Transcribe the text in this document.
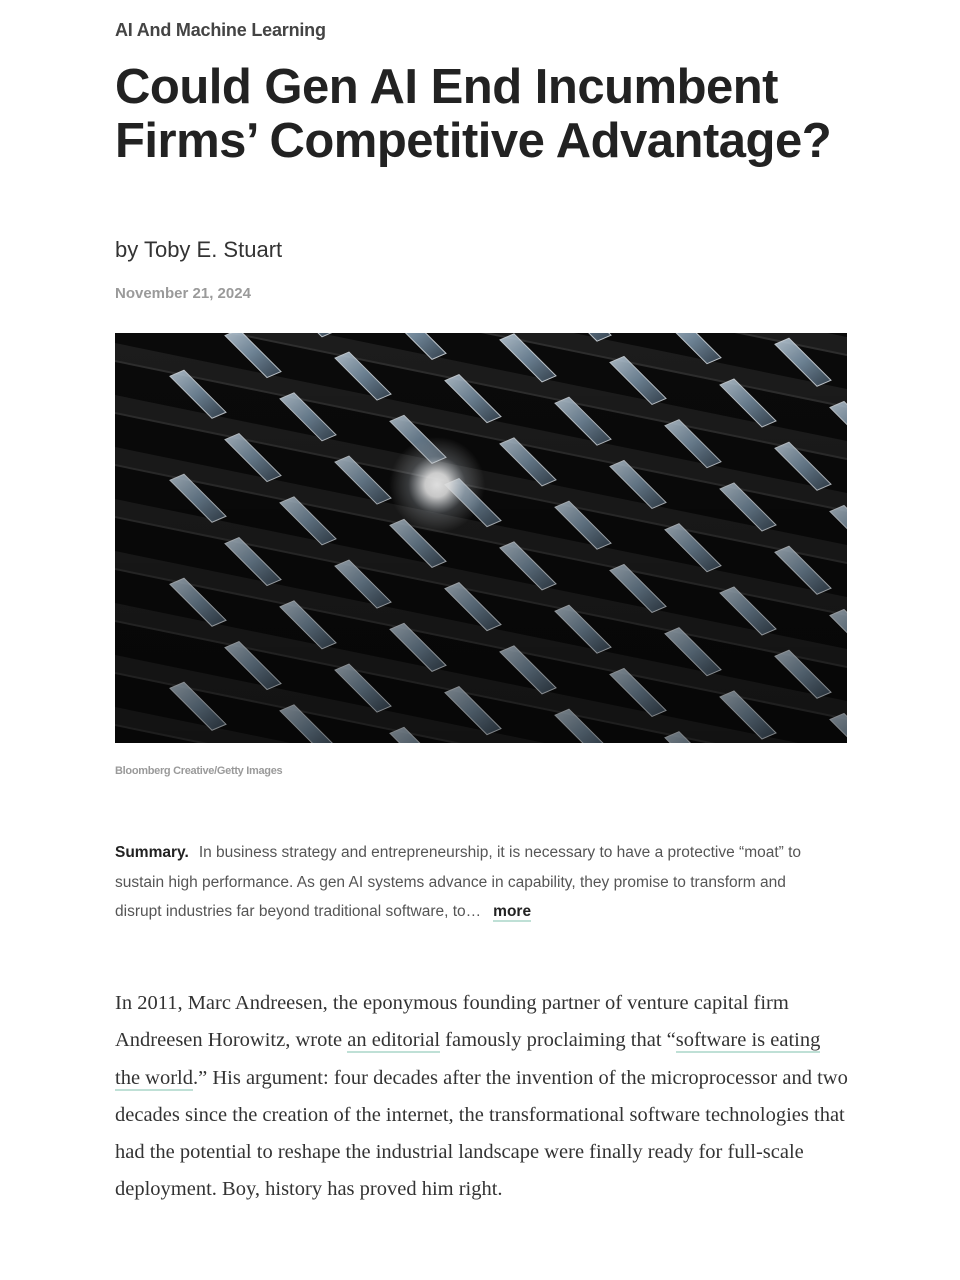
AI And Machine Learning
Could Gen AI End Incumbent Firms’ Competitive Advantage?
by Toby E. Stuart
November 21, 2024
Bloomberg Creative/Getty Images
Summary. In business strategy and entrepreneurship, it is necessary to have a protective “moat” to sustain high performance. As gen AI systems advance in capability, they promise to transform and disrupt industries far beyond traditional software, to… more

In 2011, Marc Andreesen, the eponymous founding partner of venture capital firm Andreesen Horowitz, wrote an editorial famously proclaiming that “software is eating the world.” His argument: four decades after the invention of the microprocessor and two decades since the creation of the internet, the transformational software technologies that had the potential to reshape the industrial landscape were finally ready for full-scale deployment. Boy, history has proved him right.
